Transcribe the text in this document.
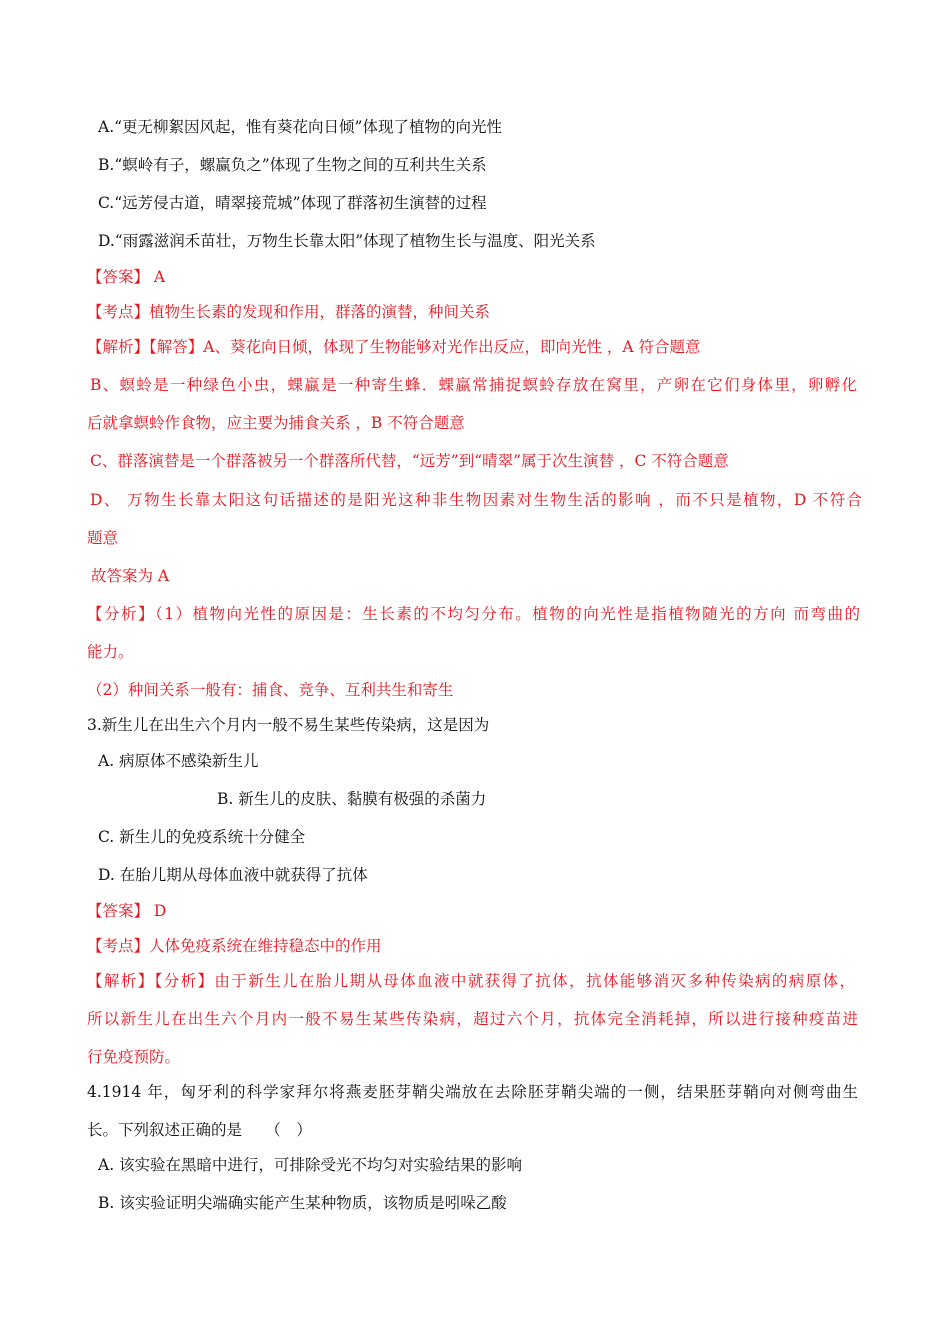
A.“更无柳絮因风起，惟有葵花向日倾”体现了植物的向光性
B.“螟岭有子，螺赢负之”体现了生物之间的互利共生关系
C.“远芳侵古道，晴翠接荒城”体现了群落初生演替的过程
D.“雨露滋润禾苗壮，万物生长靠太阳”体现了植物生长与温度、阳光关系
【答案】 A
【考点】植物生长素的发现和作用，群落的演替，种间关系
【解析】【解答】A、葵花向日倾，体现了生物能够对光作出反应，即向光性 ，A 符合题意
B、螟蛉是一种绿色小虫，蜾蠃是一种寄生蜂．蜾蠃常捕捉螟蛉存放在窝里，产卵在它们身体里，卵孵化
后就拿螟蛉作食物，应主要为捕食关系 ，B 不符合题意
C、群落演替是一个群落被另一个群落所代替，“远芳”到“晴翠”属于次生演替 ，C 不符合题意
D、 万物生长靠太阳这句话描述的是阳光这种非生物因素对生物生活的影响 ，而不只是植物，D 不符合
题意
故答案为 A
【分析】（1）植物向光性的原因是：生长素的不均匀分布。植物的向光性是指植物随光的方向 而弯曲的
能力。
（2）种间关系一般有：捕食、竞争、互利共生和寄生
3.新生儿在出生六个月内一般不易生某些传染病，这是因为
A. 病原体不感染新生儿
B. 新生儿的皮肤、黏膜有极强的杀菌力
C. 新生儿的免疫系统十分健全
D. 在胎儿期从母体血液中就获得了抗体
【答案】 D
【考点】人体免疫系统在维持稳态中的作用
【解析】【分析】由于新生儿在胎儿期从母体血液中就获得了抗体，抗体能够消灭多种传染病的病原体，
所以新生儿在出生六个月内一般不易生某些传染病，超过六个月，抗体完全消耗掉，所以进行接种疫苗进
行免疫预防。
4.1914 年，匈牙利的科学家拜尔将燕麦胚芽鞘尖端放在去除胚芽鞘尖端的一侧，结果胚芽鞘向对侧弯曲生
长。下列叙述正确的是　　（　）
A. 该实验在黑暗中进行，可排除受光不均匀对实验结果的影响
B. 该实验证明尖端确实能产生某种物质，该物质是吲哚乙酸
